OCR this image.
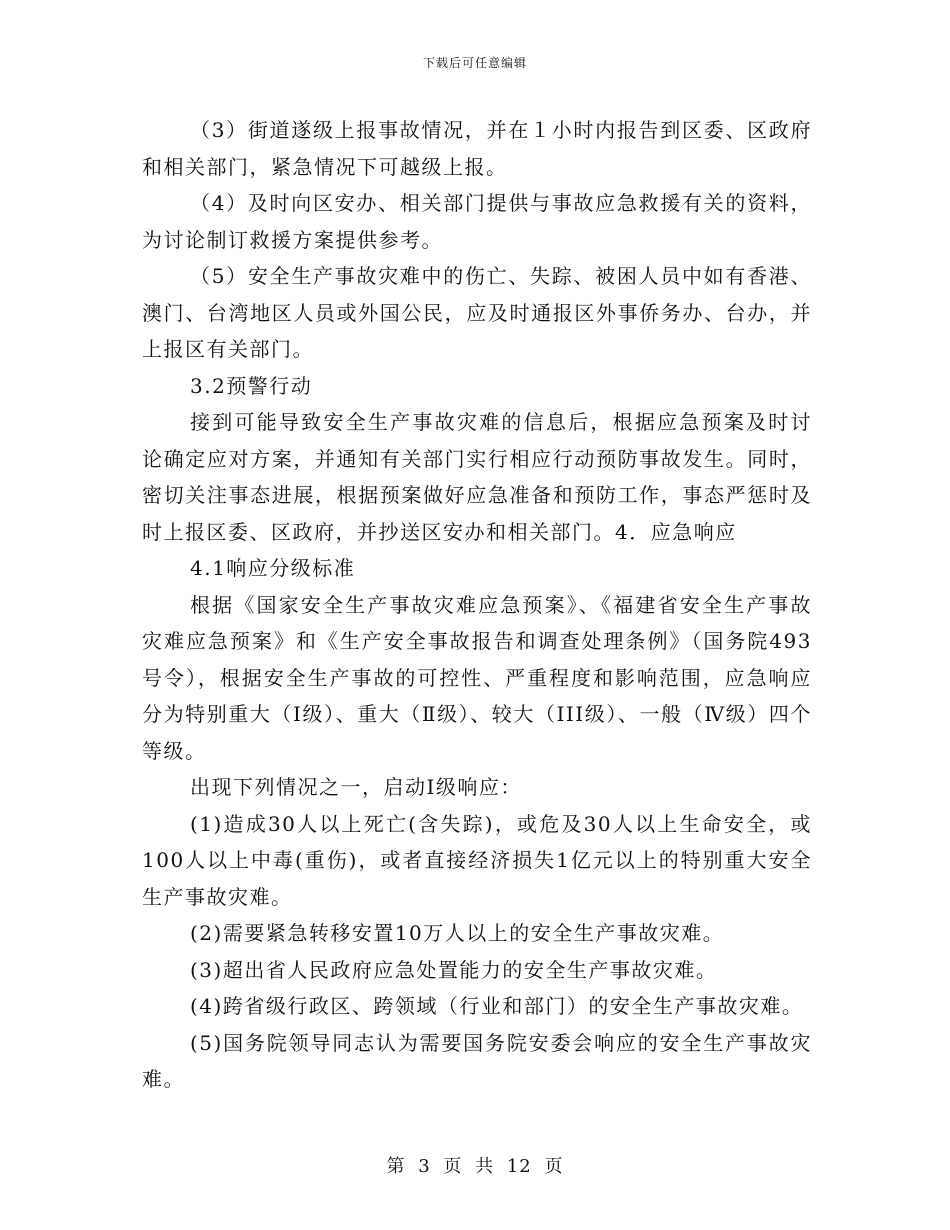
下载后可任意编辑

（3）街道遂级上报事故情况，并在１小时内报告到区委、区政府和相关部门，紧急情况下可越级上报。

（4）及时向区安办、相关部门提供与事故应急救援有关的资料，为讨论制订救援方案提供参考。

（5）安全生产事故灾难中的伤亡、失踪、被困人员中如有香港、澳门、台湾地区人员或外国公民，应及时通报区外事侨务办、台办，并上报区有关部门。

3.2预警行动

接到可能导致安全生产事故灾难的信息后，根据应急预案及时讨论确定应对方案，并通知有关部门实行相应行动预防事故发生。同时，密切关注事态进展，根据预案做好应急准备和预防工作，事态严惩时及时上报区委、区政府，并抄送区安办和相关部门。4．应急响应

4.1响应分级标准

根据《国家安全生产事故灾难应急预案》、《福建省安全生产事故灾难应急预案》和《生产安全事故报告和调查处理条例》（国务院493号令），根据安全生产事故的可控性、严重程度和影响范围，应急响应分为特别重大（Ⅰ级）、重大（Ⅱ级）、较大（III级）、一般（Ⅳ级）四个等级。

出现下列情况之一，启动Ⅰ级响应：

(1)造成30人以上死亡(含失踪)，或危及30人以上生命安全，或100人以上中毒(重伤)，或者直接经济损失1亿元以上的特别重大安全生产事故灾难。

(2)需要紧急转移安置10万人以上的安全生产事故灾难。

(3)超出省人民政府应急处置能力的安全生产事故灾难。

(4)跨省级行政区、跨领域（行业和部门）的安全生产事故灾难。

(5)国务院领导同志认为需要国务院安委会响应的安全生产事故灾难。

第 3 页 共 12 页
